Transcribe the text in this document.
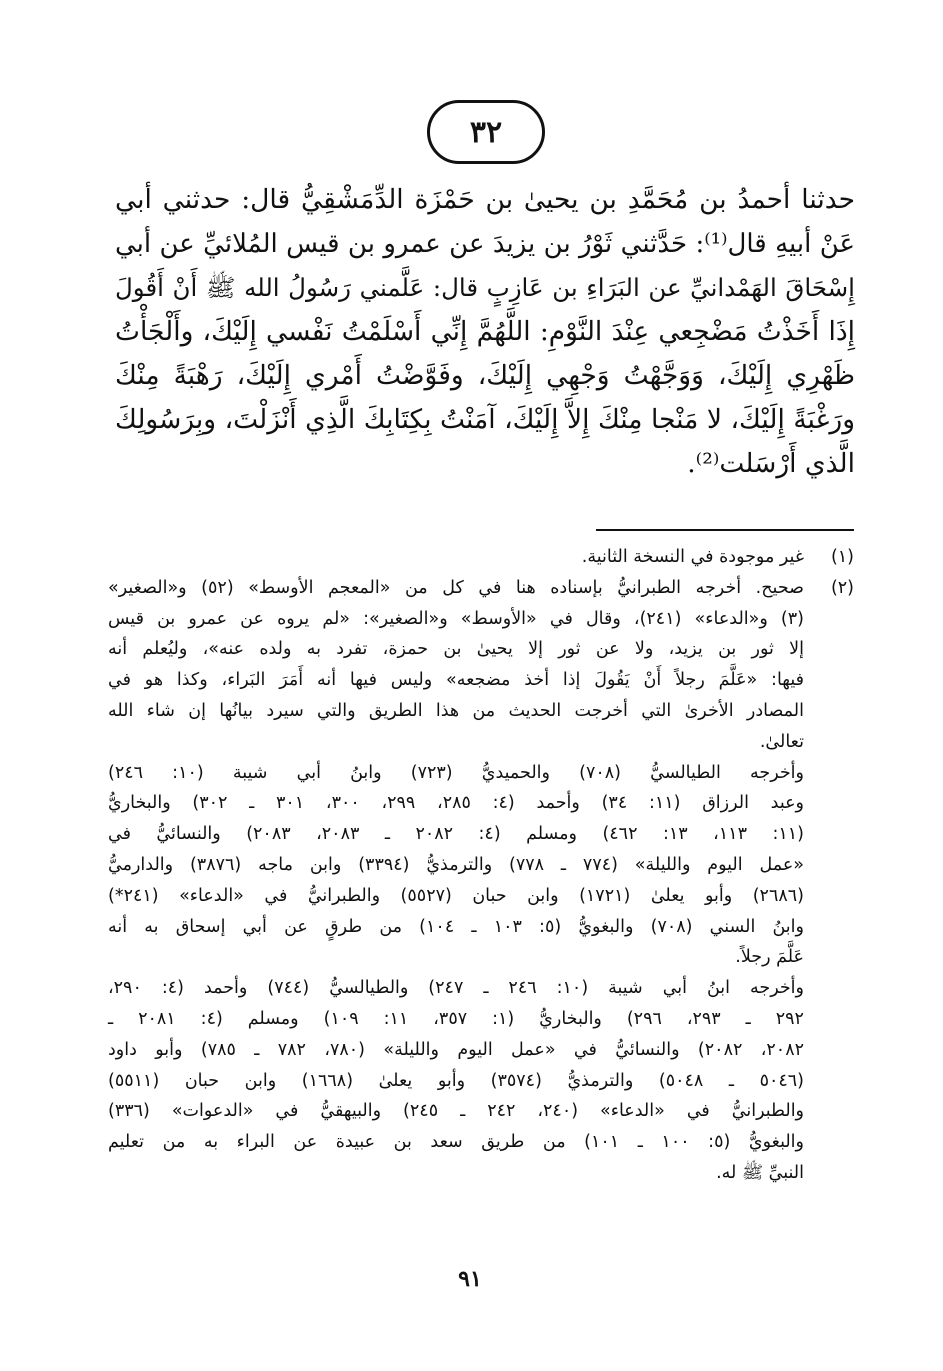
٣٢
حدثنا أحمدُ بن مُحَمَّدِ بن يحيىٰ بن حَمْزَة الدِّمَشْقِيُّ قال: حدثني أبي
عَنْ أبيهِ قال⁽¹⁾: حَدَّثني ثَوْرُ بن يزيدَ عن عمرو بن قيس المُلائيِّ عن أبي
إِسْحَاقَ الهَمْدانيِّ عن البَرَاءِ بن عَازِبٍ قال: عَلَّمني رَسُولُ الله ﷺ أَنْ أَقُولَ
إِذَا أَخَذْتُ مَضْجِعي عِنْدَ النَّوْمِ: اللَّهُمَّ إِنِّي أَسْلَمْتُ نَفْسي إِلَيْكَ، وأَلْجَأْتُ
ظَهْرِي إِلَيْكَ، وَوَجَّهْتُ وَجْهِي إِلَيْكَ، وفَوَّضْتُ أَمْري إِلَيْكَ، رَهْبَةً مِنْكَ
ورَغْبَةً إِلَيْكَ، لا مَنْجا مِنْكَ إِلاَّ إِلَيْكَ، آمَنْتُ بِكِتَابِكَ الَّذِي أَنْزَلْتَ، وبِرَسُولِكَ
الَّذي أَرْسَلت⁽²⁾.
(١)
غير موجودة في النسخة الثانية.
(٢)
صحيح. أخرجه الطبرانيُّ بإسناده هنا في كل من «المعجم الأوسط» (٥٢) و«الصغير»
(٣) و«الدعاء» (٢٤١)، وقال في «الأوسط» و«الصغير»: «لم يروه عن عمرو بن قيس
إلا ثور بن يزيد، ولا عن ثور إلا يحيىٰ بن حمزة، تفرد به ولده عنه»، وليُعلم أنه
فيها: «عَلَّمَ رجلاً أَنْ يَقُولَ إذا أخذ مضجعه» وليس فيها أنه أَمَرَ البَراء، وكذا هو في
المصادر الأخرىٰ التي أخرجت الحديث من هذا الطريق والتي سيرد بيانُها إن شاء الله
تعالىٰ.
وأخرجه الطيالسيُّ (٧٠٨) والحميديُّ (٧٢٣) وابنُ أبي شيبة (١٠: ٢٤٦)
وعبد الرزاق (١١: ٣٤) وأحمد (٤: ٢٨٥، ٢٩٩، ٣٠٠، ٣٠١ ـ ٣٠٢) والبخاريُّ
(١١: ١١٣، ١٣: ٤٦٢) ومسلم (٤: ٢٠٨٢ ـ ٢٠٨٣، ٢٠٨٣) والنسائيُّ في
«عمل اليوم والليلة» (٧٧٤ ـ ٧٧٨) والترمذيُّ (٣٣٩٤) وابن ماجه (٣٨٧٦) والدارميُّ
(٢٦٨٦) وأبو يعلىٰ (١٧٢١) وابن حبان (٥٥٢٧) والطبرانيُّ في «الدعاء» (٢٤١*)
وابنُ السني (٧٠٨) والبغويُّ (٥: ١٠٣ ـ ١٠٤) من طرقٍ عن أبي إسحاق به أنه
عَلَّمَ رجلاً.
وأخرجه ابنُ أبي شيبة (١٠: ٢٤٦ ـ ٢٤٧) والطيالسيُّ (٧٤٤) وأحمد (٤: ٢٩٠،
٢٩٢ ـ ٢٩٣، ٢٩٦) والبخاريُّ (١: ٣٥٧، ١١: ١٠٩) ومسلم (٤: ٢٠٨١ ـ
٢٠٨٢، ٢٠٨٢) والنسائيُّ في «عمل اليوم والليلة» (٧٨٠، ٧٨٢ ـ ٧٨٥) وأبو داود
(٥٠٤٦ ـ ٥٠٤٨) والترمذيُّ (٣٥٧٤) وأبو يعلىٰ (١٦٦٨) وابن حبان (٥٥١١)
والطبرانيُّ في «الدعاء» (٢٤٠، ٢٤٢ ـ ٢٤٥) والبيهقيُّ في «الدعوات» (٣٣٦)
والبغويُّ (٥: ١٠٠ ـ ١٠١) من طريق سعد بن عبيدة عن البراء به من تعليم
النبيِّ ﷺ له.
٩١
